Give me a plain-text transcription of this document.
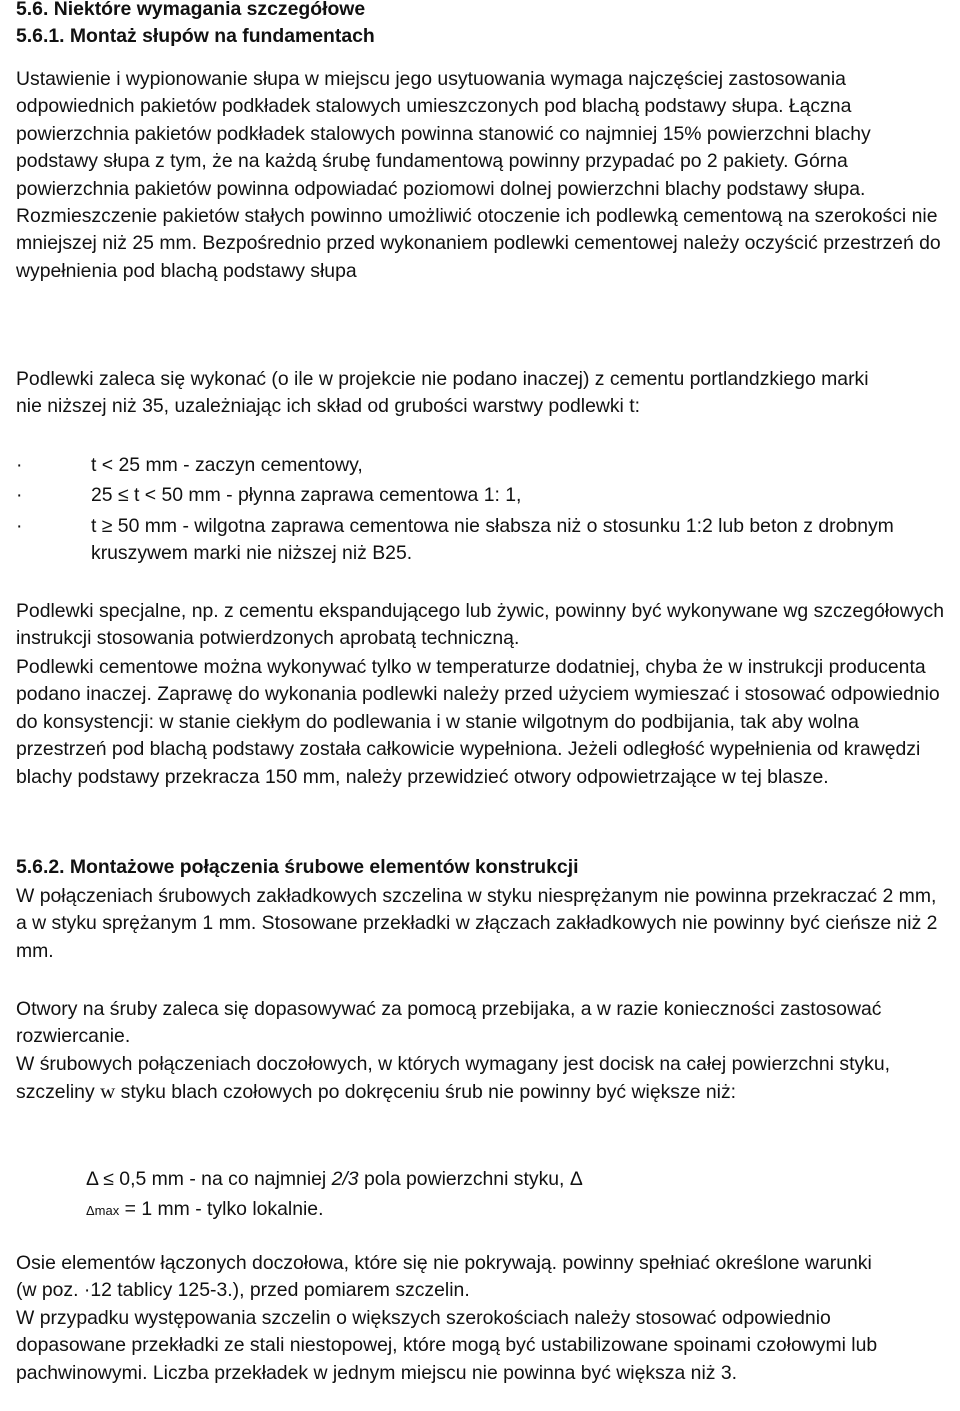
5.6. Niektóre wymagania szczegółowe

5.6.1. Montaż słupów na fundamentach

Ustawienie i wypionowanie słupa w miejscu jego usytuowania wymaga najczęściej zastosowania odpowiednich pakietów podkładek stalowych umieszczonych pod blachą podstawy słupa. Łączna powierzchnia pakietów podkładek stalowych powinna stanowić co najmniej 15% powierzchni blachy podstawy słupa z tym, że na każdą śrubę fundamentową powinny przypadać po 2 pakiety. Górna powierzchnia pakietów powinna odpowiadać poziomowi dolnej powierzchni blachy podstawy słupa. Rozmieszczenie pakietów stałych powinno umożliwić otoczenie ich podlewką cementową na szerokości nie mniejszej niż 25 mm. Bezpośrednio przed wykonaniem podlewki cementowej należy oczyścić przestrzeń do wypełnienia pod blachą podstawy słupa

Podlewki zaleca się wykonać (o ile w projekcie nie podano inaczej) z cementu portlandzkiego marki nie niższej niż 35, uzależniając ich skład od grubości warstwy podlewki t:

·	t < 25 mm - zaczyn cementowy,
·	25 ≤ t < 50 mm - płynna zaprawa cementowa 1: 1,
·	t ≥ 50 mm - wilgotna zaprawa cementowa nie słabsza niż o stosunku 1:2 lub beton z drobnym kruszywem marki nie niższej niż B25.

Podlewki specjalne, np. z cementu ekspandującego lub żywic, powinny być wykonywane wg szczegółowych instrukcji stosowania potwierdzonych aprobatą techniczną.

Podlewki cementowe można wykonywać tylko w temperaturze dodatniej, chyba że w instrukcji producenta podano inaczej. Zaprawę do wykonania podlewki należy przed użyciem wymieszać i stosować odpowiednio do konsystencji: w stanie ciekłym do podlewania i w stanie wilgotnym do podbijania, tak aby wolna przestrzeń pod blachą podstawy została całkowicie wypełniona. Jeżeli odległość wypełnienia od krawędzi blachy podstawy przekracza 150 mm, należy przewidzieć otwory odpowietrzające w tej blasze.

5.6.2. Montażowe połączenia śrubowe elementów konstrukcji

W połączeniach śrubowych zakładkowych szczelina w styku niesprężanym nie powinna przekraczać 2 mm, a w styku sprężanym 1 mm. Stosowane przekładki w złączach zakładkowych nie powinny być cieńsze niż 2 mm.

Otwory na śruby zaleca się dopasowywać za pomocą przebijaka, a w razie konieczności zastosować rozwiercanie.

W śrubowych połączeniach doczołowych, w których wymagany jest docisk na całej powierzchni styku, szczeliny w styku blach czołowych po dokręceniu śrub nie powinny być większe niż:

Δ ≤ 0,5 mm - na co najmniej 2/3 pola powierzchni styku, Δ

Δmax = 1 mm - tylko lokalnie.

Osie elementów łączonych doczołowa, które się nie pokrywają. powinny spełniać określone warunki (w poz. ·12 tablicy 125-3.), przed pomiarem szczelin.

W przypadku występowania szczelin o większych szerokościach należy stosować odpowiednio dopasowane przekładki ze stali niestopowej, które mogą być ustabilizowane spoinami czołowymi lub pachwinowymi. Liczba przekładek w jednym miejscu nie powinna być większa niż 3.
